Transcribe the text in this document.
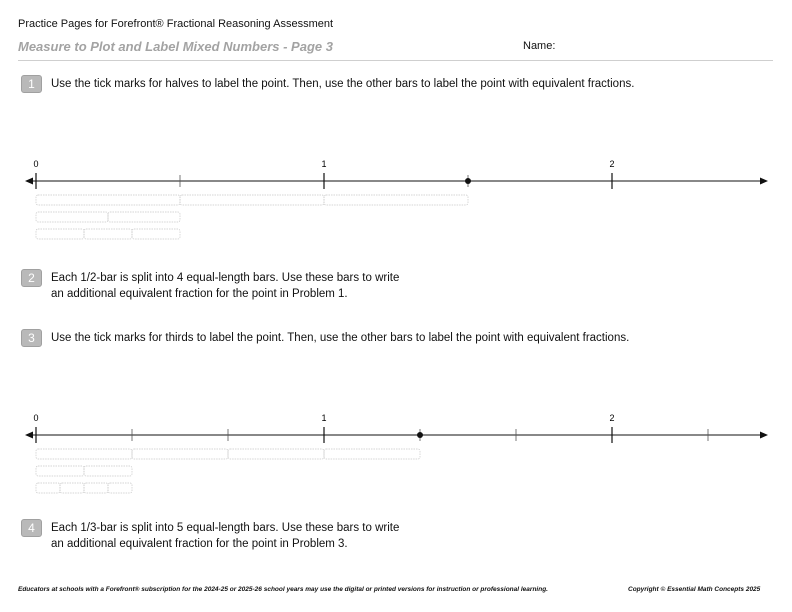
Practice Pages for Forefront® Fractional Reasoning Assessment
Measure to Plot and Label Mixed Numbers - Page 3	Name:
1	Use the tick marks for halves to label the point. Then, use the other bars to label the point with equivalent fractions.
0	1	2
2	Each 1/2-bar is split into 4 equal-length bars. Use these bars to write
an additional equivalent fraction for the point in Problem 1.
3	Use the tick marks for thirds to label the point. Then, use the other bars to label the point with equivalent fractions.
0	1	2
4	Each 1/3-bar is split into 5 equal-length bars. Use these bars to write
an additional equivalent fraction for the point in Problem 3.
Educators at schools with a Forefront® subscription for the 2024-25 or 2025-26 school years may use the digital or printed versions for instruction or professional learning.	Copyright © Essential Math Concepts 2025
